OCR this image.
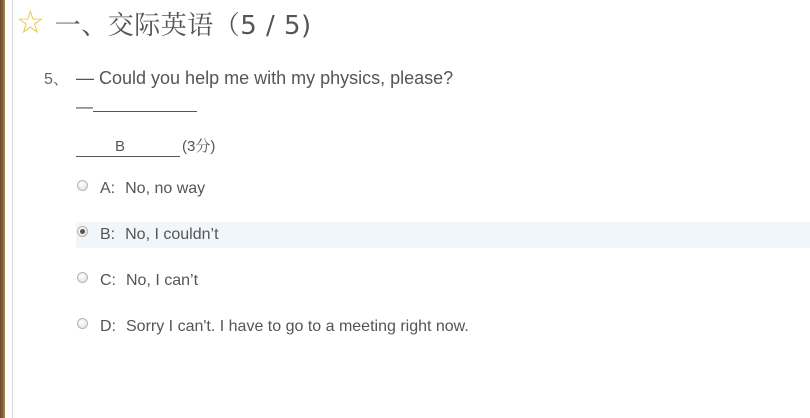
☆ 一、交际英语（5 / 5)
5、 — Could you help me with my physics, please?
—
B	(3分)
A: No, no way
B: No, I couldn’t
C: No, I can’t
D: Sorry I can't. I have to go to a meeting right now.
